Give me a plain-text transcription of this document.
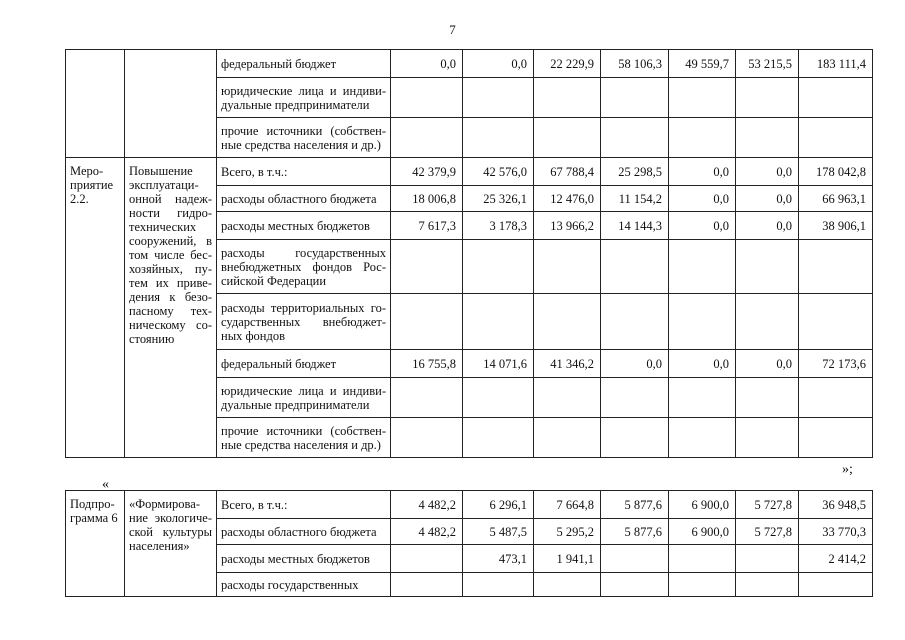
7
		федеральный бюджет	0,0	0,0	22 229,9	58 106,3	49 559,7	53 215,5	183 111,4
		юридические лица и индиви-дуальные предприниматели							
		прочие источники (собствен-ные средства населения и др.)							
Меро-приятие 2.2.	Повышение эксплуатаци-онной надеж-ности гидро-технических сооружений, в том числе бес-хозяйных, пу-тем их приве-дения к безо-пасному тех-ническому со-стоянию	Всего, в т.ч.:	42 379,9	42 576,0	67 788,4	25 298,5	0,0	0,0	178 042,8
		расходы областного бюджета	18 006,8	25 326,1	12 476,0	11 154,2	0,0	0,0	66 963,1
		расходы местных бюджетов	7 617,3	3 178,3	13 966,2	14 144,3	0,0	0,0	38 906,1
		расходы государственных внебюджетных фондов Рос-сийской Федерации							
		расходы территориальных го-сударственных внебюджет-ных фондов							
		федеральный бюджет	16 755,8	14 071,6	41 346,2	0,0	0,0	0,0	72 173,6
		юридические лица и индиви-дуальные предприниматели							
		прочие источники (собствен-ные средства населения и др.)							
»;
«
Подпро-грамма 6	«Формирова-ние экологиче-ской культуры населения»	Всего, в т.ч.:	4 482,2	6 296,1	7 664,8	5 877,6	6 900,0	5 727,8	36 948,5
		расходы областного бюджета	4 482,2	5 487,5	5 295,2	5 877,6	6 900,0	5 727,8	33 770,3
		расходы местных бюджетов		473,1	1 941,1				2 414,2
		расходы государственных							
